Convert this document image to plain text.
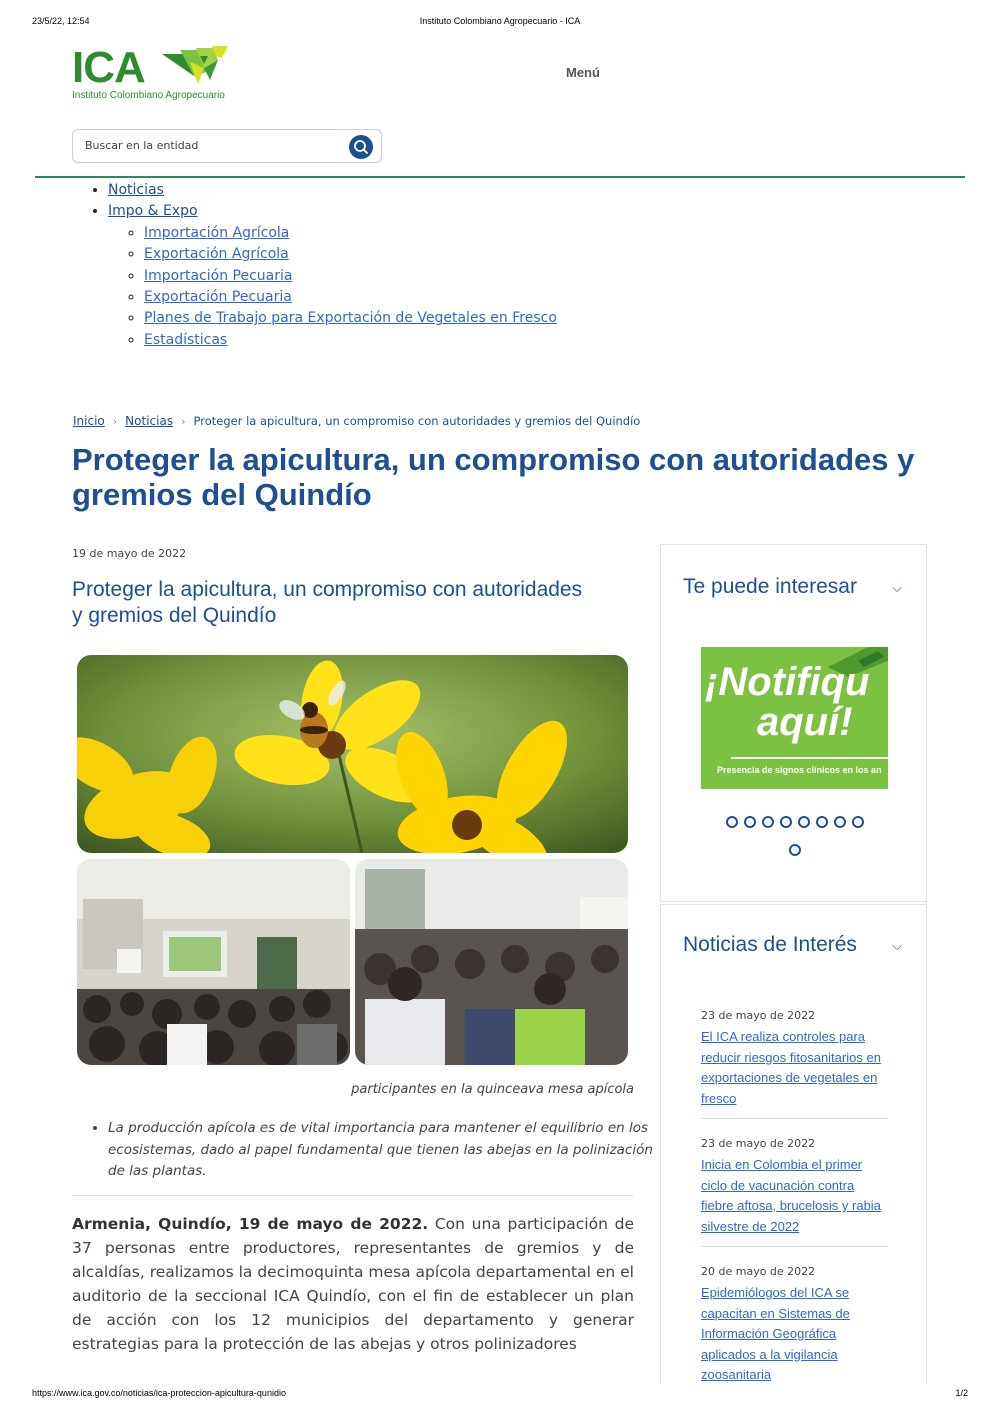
23/5/22, 12:54	Instituto Colombiano Agropecuario - ICA
ICA
Instituto Colombiano Agropecuario
Menú
Buscar en la entidad
• Noticias
• Impo & Expo
◦ Importación Agrícola
◦ Exportación Agrícola
◦ Importación Pecuaria
◦ Exportación Pecuaria
◦ Planes de Trabajo para Exportación de Vegetales en Fresco
◦ Estadísticas
Inicio › Noticias › Proteger la apicultura, un compromiso con autoridades y gremios del Quindío
Proteger la apicultura, un compromiso con autoridades y gremios del Quindío
19 de mayo de 2022
Proteger la apicultura, un compromiso con autoridades y gremios del Quindío
participantes en la quinceava mesa apícola
• La producción apícola es de vital importancia para mantener el equilibrio en los ecosistemas, dado al papel fundamental que tienen las abejas en la polinización de las plantas.

Armenia, Quindío, 19 de mayo de 2022. Con una participación de 37 personas entre productores, representantes de gremios y de alcaldías, realizamos la decimoquinta mesa apícola departamental en el auditorio de la seccional ICA Quindío, con el fin de establecer un plan de acción con los 12 municipios del departamento y generar estrategias para la protección de las abejas y otros polinizadores

Te puede interesar	⌵
¡Notifiqu
aquí!
Presencia de signos clínicos en los an

Noticias de Interés	⌵
23 de mayo de 2022
El ICA realiza controles para reducir riesgos fitosanitarios en exportaciones de vegetales en fresco
23 de mayo de 2022
Inicia en Colombia el primer ciclo de vacunación contra fiebre aftosa, brucelosis y rabia silvestre de 2022
20 de mayo de 2022
Epidemiólogos del ICA se capacitan en Sistemas de Información Geográfica aplicados a la vigilancia zoosanitaria
https://www.ica.gov.co/noticias/ica-proteccion-apicultura-qunidio	1/2
